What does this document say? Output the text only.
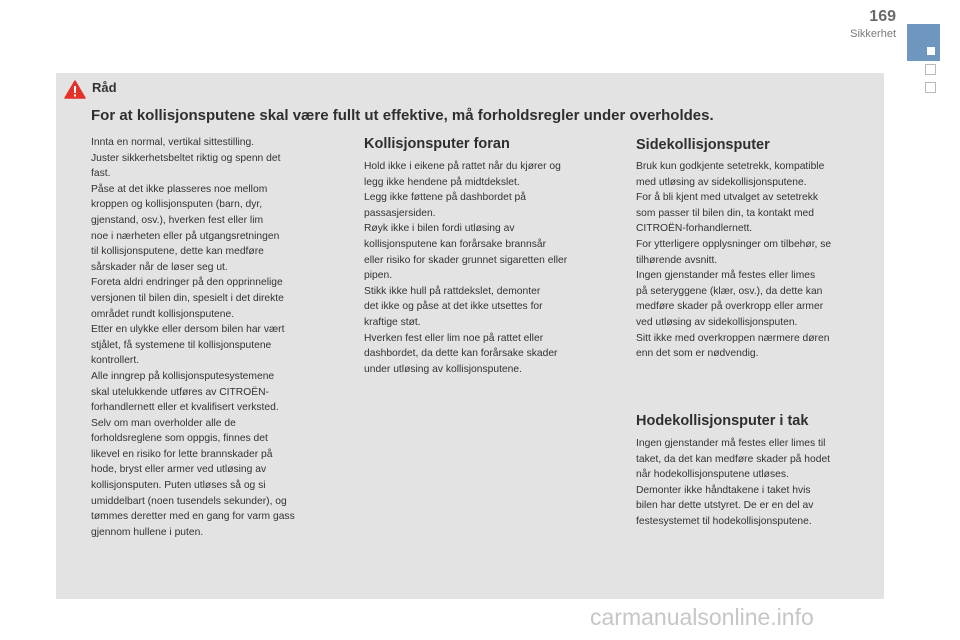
169
Sikkerhet
Råd
For at kollisjonsputene skal være fullt ut effektive, må forholdsregler under overholdes.
Innta en normal, vertikal sittestilling.
Juster sikkerhetsbeltet riktig og spenn det
fast.
Påse at det ikke plasseres noe mellom
kroppen og kollisjonsputen (barn, dyr,
gjenstand, osv.), hverken fest eller lim
noe i nærheten eller på utgangsretningen
til kollisjonsputene, dette kan medføre
sårskader når de løser seg ut.
Foreta aldri endringer på den opprinnelige
versjonen til bilen din, spesielt i det direkte
området rundt kollisjonsputene.
Etter en ulykke eller dersom bilen har vært
stjålet, få systemene til kollisjonsputene
kontrollert.
Alle inngrep på kollisjonsputesystemene
skal utelukkende utføres av CITROËN-
forhandlernett eller et kvalifisert verksted.
Selv om man overholder alle de
forholdsreglene som oppgis, finnes det
likevel en risiko for lette brannskader på
hode, bryst eller armer ved utløsing av
kollisjonsputen. Puten utløses så og si
umiddelbart (noen tusendels sekunder), og
tømmes deretter med en gang for varm gass
gjennom hullene i puten.
Kollisjonsputer foran
Hold ikke i eikene på rattet når du kjører og
legg ikke hendene på midtdekslet.
Legg ikke føttene på dashbordet på
passasjersiden.
Røyk ikke i bilen fordi utløsing av
kollisjonsputene kan forårsake brannsår
eller risiko for skader grunnet sigaretten eller
pipen.
Stikk ikke hull på rattdekslet, demonter
det ikke og påse at det ikke utsettes for
kraftige støt.
Hverken fest eller lim noe på rattet eller
dashbordet, da dette kan forårsake skader
under utløsing av kollisjonsputene.
Sidekollisjonsputer
Bruk kun godkjente setetrekk, kompatible
med utløsing av sidekollisjonsputene.
For å bli kjent med utvalget av setetrekk
som passer til bilen din, ta kontakt med
CITROËN-forhandlernett.
For ytterligere opplysninger om tilbehør, se
tilhørende avsnitt.
Ingen gjenstander må festes eller limes
på seteryggene (klær, osv.), da dette kan
medføre skader på overkropp eller armer
ved utløsing av sidekollisjonsputen.
Sitt ikke med overkroppen nærmere døren
enn det som er nødvendig.
Hodekollisjonsputer i tak
Ingen gjenstander må festes eller limes til
taket, da det kan medføre skader på hodet
når hodekollisjonsputene utløses.
Demonter ikke håndtakene i taket hvis
bilen har dette utstyret. De er en del av
festesystemet til hodekollisjonsputene.
carmanualsonline.info
